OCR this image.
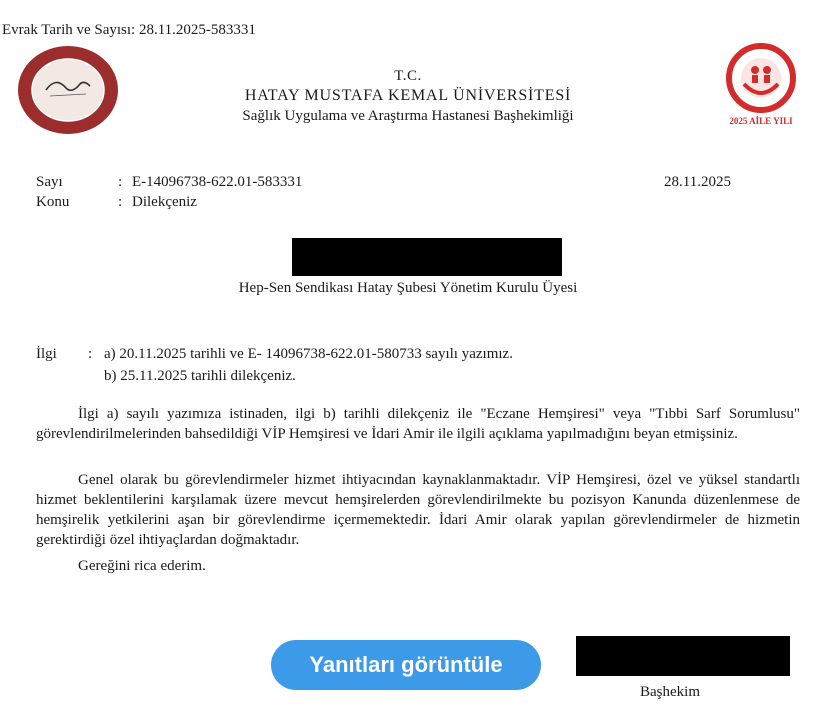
Evrak Tarih ve Sayısı: 28.11.2025-583331
2025 AİLE YILI
T.C.
HATAY MUSTAFA KEMAL ÜNİVERSİTESİ
Sağlık Uygulama ve Araştırma Hastanesi Başhekimliği
Sayı	: E-14096738-622.01-583331
Konu	: Dilekçeniz
28.11.2025
Hep-Sen Sendikası Hatay Şubesi Yönetim Kurulu Üyesi
İlgi : a) 20.11.2025 tarihli ve E- 14096738-622.01-580733 sayılı yazımız.
b) 25.11.2025 tarihli dilekçeniz.
İlgi a) sayılı yazımıza istinaden, ilgi b) tarihli dilekçeniz ile "Eczane Hemşiresi" veya "Tıbbi Sarf Sorumlusu" görevlendirilmelerinden bahsedildiği VİP Hemşiresi ve İdari Amir ile ilgili açıklama yapılmadığını beyan etmişsiniz.
Genel olarak bu görevlendirmeler hizmet ihtiyacından kaynaklanmaktadır. VİP Hemşiresi, özel ve yüksel standartlı hizmet beklentilerini karşılamak üzere mevcut hemşirelerden görevlendirilmekte bu pozisyon Kanunda düzenlenmese de hemşirelik yetkilerini aşan bir görevlendirme içermemektedir. İdari Amir olarak yapılan görevlendirmeler de hizmetin gerektirdiği özel ihtiyaçlardan doğmaktadır.
Gereğini rica ederim.
Yanıtları görüntüle
Başhekim
